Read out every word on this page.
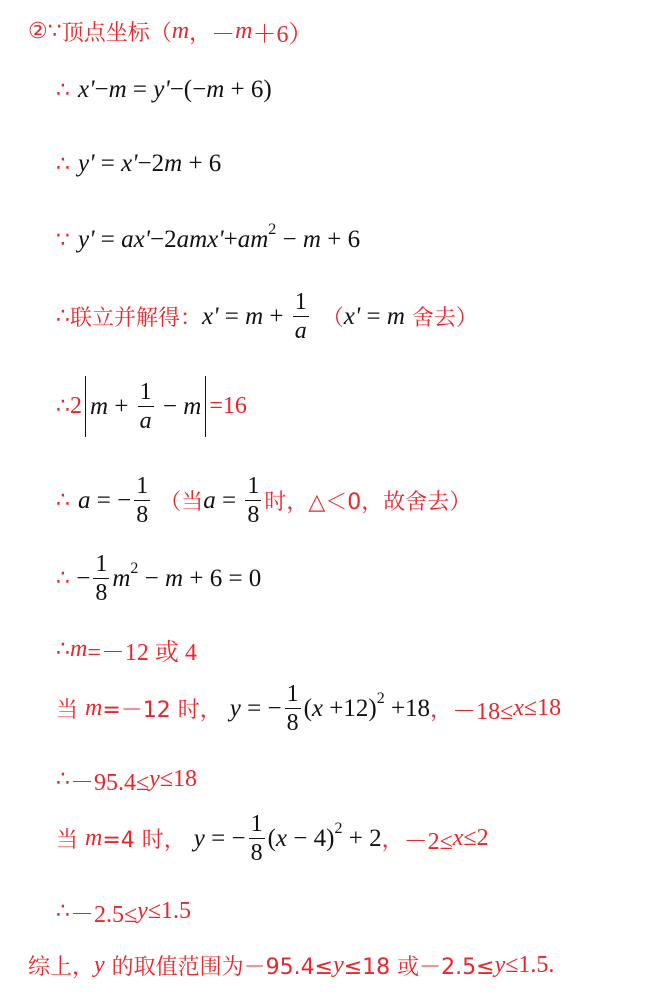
② ∵ 顶点坐标（ m ， － m ＋6）
∴ x' − m = y' −(− m + 6)
∴ y' = x' −2 m + 6
∵ y' = ax' −2 amx' + am 2 − m + 6
∴ 联立并解得： $x' = m + \frac{1}{a}$ （ x' = m 舍去）
∴ 2 $m + \frac{1}{a} - m =16$
∴ a = − $\frac{1}{8}$ （当 $a = \frac{1}{8}$ 时，△＜0，故舍去）
∴ − $\frac{1}{8}$ m 2 − m + 6 = 0
∴ m =－12 或 4
当 m =－12 时， y = − $\frac{1}{8}$ ( x +12) 2 +18 ， －18≤ x ≤18
∴ －95.4≤ y ≤18
当 m =4 时， y = − $\frac{1}{8}$ ( x − 4) 2 + 2 ， －2≤ x ≤2
∴ －2.5≤ y ≤1.5
综上， y 的取值范围为－95.4≤ y ≤18 或－2.5≤ y ≤1.5.
